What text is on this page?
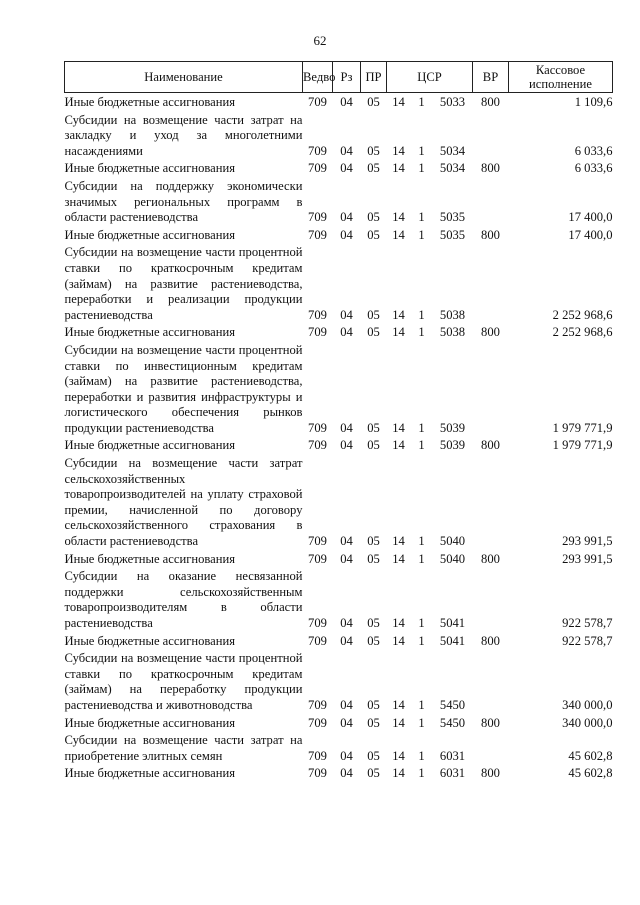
62
Наименование	Ведво	Рз	ПР	ЦСР			ВР	Кассовое исполнение
Иные бюджетные ассигнования	709	04	05	14	1	5033	800	1 109,6
Субсидии на возмещение части затрат на закладку и уход за многолетними насаждениями	709	04	05	14	1	5034		6 033,6
Иные бюджетные ассигнования	709	04	05	14	1	5034	800	6 033,6
Субсидии на поддержку экономически значимых региональных программ в области растениеводства	709	04	05	14	1	5035		17 400,0
Иные бюджетные ассигнования	709	04	05	14	1	5035	800	17 400,0
Субсидии на возмещение части процентной ставки по краткосрочным кредитам (займам) на развитие растениеводства, переработки и реализации продукции растениеводства	709	04	05	14	1	5038		2 252 968,6
Иные бюджетные ассигнования	709	04	05	14	1	5038	800	2 252 968,6
Субсидии на возмещение части процентной ставки по инвестиционным кредитам (займам) на развитие растениеводства, переработки и развития инфраструктуры и логистического обеспечения рынков продукции растениеводства	709	04	05	14	1	5039		1 979 771,9
Иные бюджетные ассигнования	709	04	05	14	1	5039	800	1 979 771,9
Субсидии на возмещение части затрат сельскохозяйственных товаропроизводителей на уплату страховой премии, начисленной по договору сельскохозяйственного страхования в области растениеводства	709	04	05	14	1	5040		293 991,5
Иные бюджетные ассигнования	709	04	05	14	1	5040	800	293 991,5
Субсидии на оказание несвязанной поддержки сельскохозяйственным товаропроизводителям в области растениеводства	709	04	05	14	1	5041		922 578,7
Иные бюджетные ассигнования	709	04	05	14	1	5041	800	922 578,7
Субсидии на возмещение части процентной ставки по краткосрочным кредитам (займам) на переработку продукции растениеводства и животноводства	709	04	05	14	1	5450		340 000,0
Иные бюджетные ассигнования	709	04	05	14	1	5450	800	340 000,0
Субсидии на возмещение части затрат на приобретение элитных семян	709	04	05	14	1	6031		45 602,8
Иные бюджетные ассигнования	709	04	05	14	1	6031	800	45 602,8
